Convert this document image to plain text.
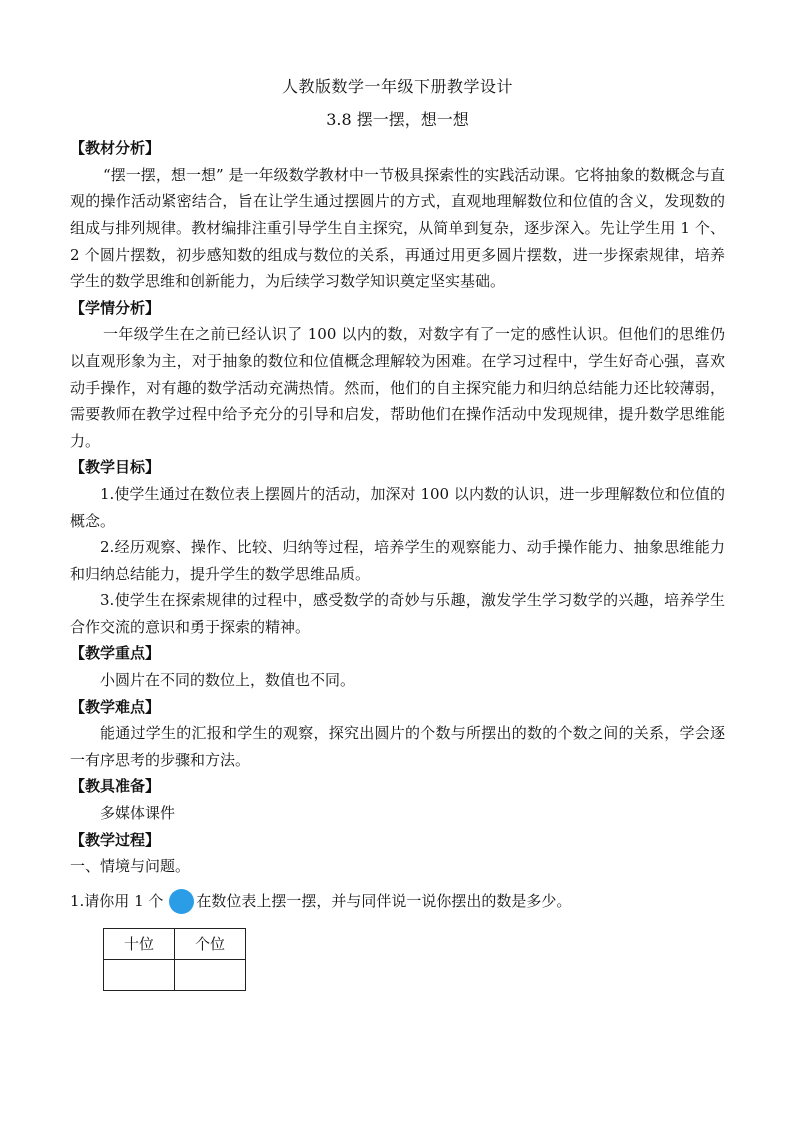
人教版数学一年级下册教学设计
3.8 摆一摆，想一想
【教材分析】
“摆一摆，想一想” 是一年级数学教材中一节极具探索性的实践活动课。它将抽象的数概念与直观的操作活动紧密结合，旨在让学生通过摆圆片的方式，直观地理解数位和位值的含义，发现数的组成与排列规律。教材编排注重引导学生自主探究，从简单到复杂，逐步深入。先让学生用 1 个、2 个圆片摆数，初步感知数的组成与数位的关系，再通过用更多圆片摆数，进一步探索规律，培养学生的数学思维和创新能力，为后续学习数学知识奠定坚实基础。
【学情分析】
一年级学生在之前已经认识了 100 以内的数，对数字有了一定的感性认识。但他们的思维仍以直观形象为主，对于抽象的数位和位值概念理解较为困难。在学习过程中，学生好奇心强，喜欢动手操作，对有趣的数学活动充满热情。然而，他们的自主探究能力和归纳总结能力还比较薄弱，需要教师在教学过程中给予充分的引导和启发，帮助他们在操作活动中发现规律，提升数学思维能力。
【教学目标】
1.使学生通过在数位表上摆圆片的活动，加深对 100 以内数的认识，进一步理解数位和位值的概念。
2.经历观察、操作、比较、归纳等过程，培养学生的观察能力、动手操作能力、抽象思维能力和归纳总结能力，提升学生的数学思维品质。
3.使学生在探索规律的过程中，感受数学的奇妙与乐趣，激发学生学习数学的兴趣，培养学生合作交流的意识和勇于探索的精神。
【教学重点】
小圆片在不同的数位上，数值也不同。
【教学难点】
能通过学生的汇报和学生的观察，探究出圆片的个数与所摆出的数的个数之间的关系，学会逐一有序思考的步骤和方法。
【教具准备】
多媒体课件
【教学过程】
一、情境与问题。
1.请你用 1 个 在数位表上摆一摆，并与同伴说一说你摆出的数是多少。
十位	个位
